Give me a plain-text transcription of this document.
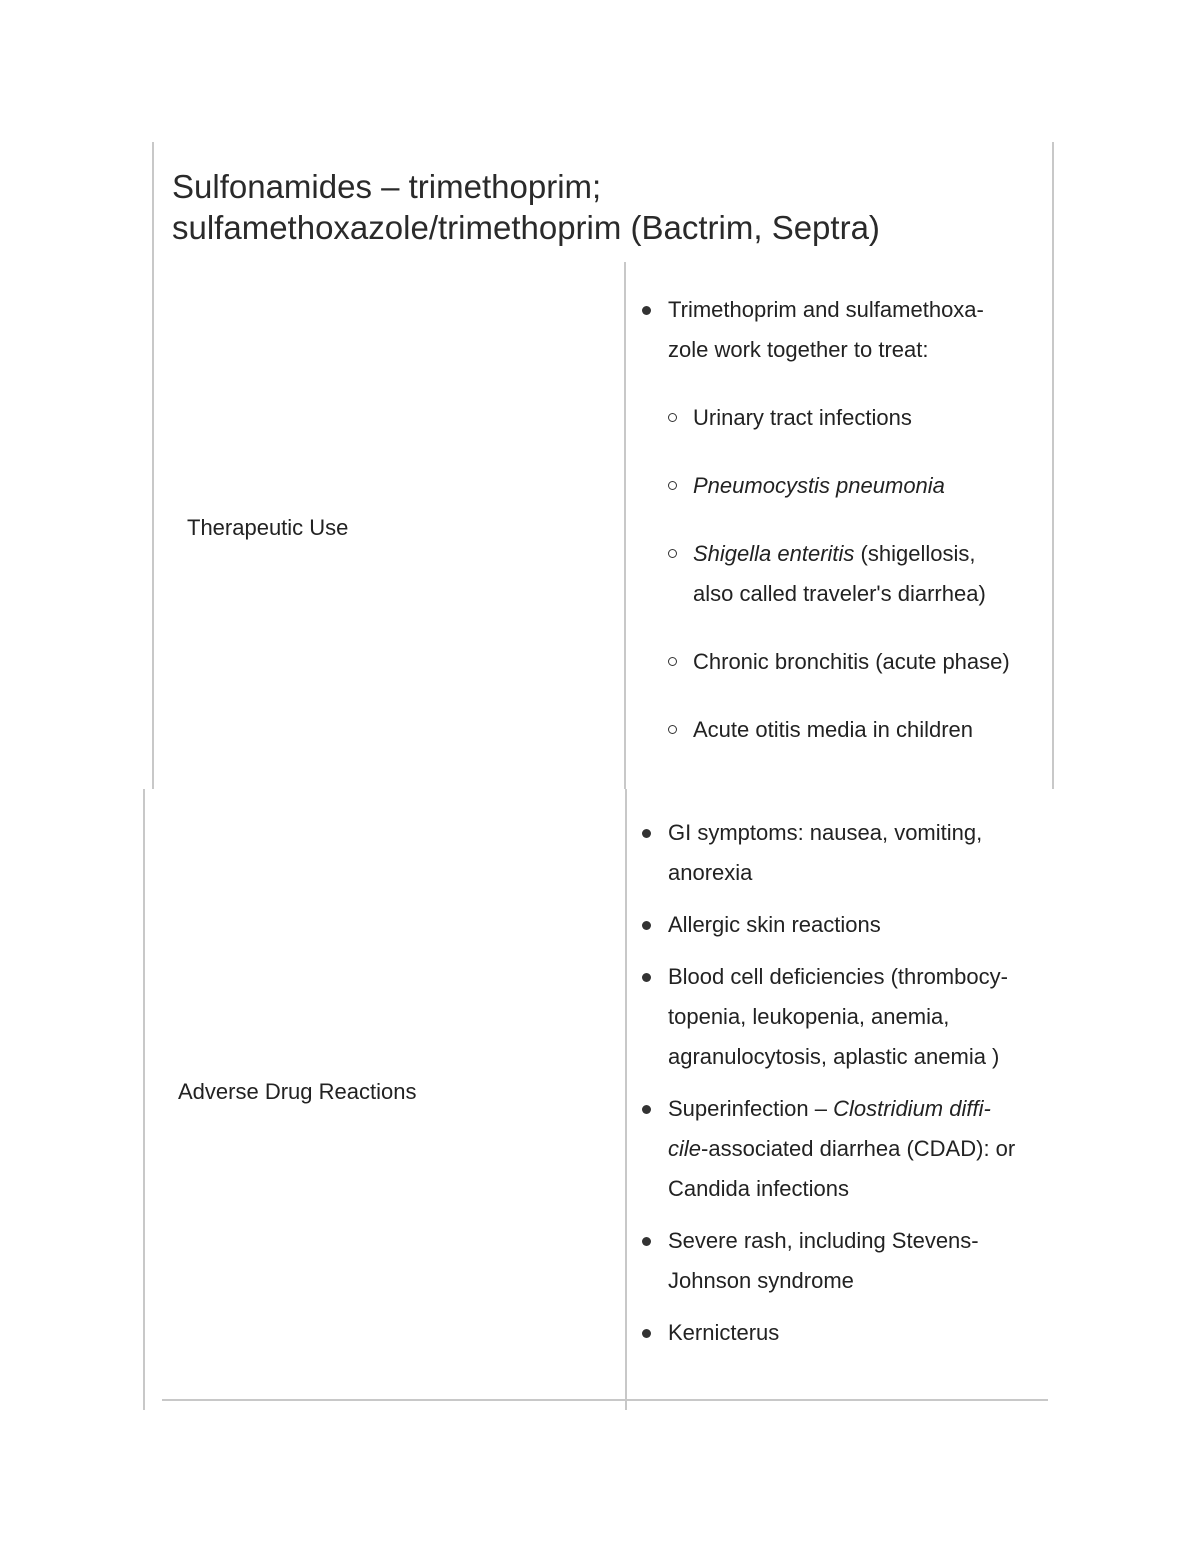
Sulfonamides – trimethoprim;
sulfamethoxazole/trimethoprim (Bactrim, Septra)
Therapeutic Use
Trimethoprim and sulfamethoxa- zole work together to treat:
Urinary tract infections
Pneumocystis pneumonia
Shigella enteritis (shigellosis, also called traveler's diarrhea)
Chronic bronchitis (acute phase)
Acute otitis media in children
Adverse Drug Reactions
GI symptoms: nausea, vomiting, anorexia
Allergic skin reactions
Blood cell deficiencies (thrombocy- topenia, leukopenia, anemia, agranulocytosis, aplastic anemia )
Superinfection – Clostridium diffi- cile-associated diarrhea (CDAD): or Candida infections
Severe rash, including Stevens- Johnson syndrome
Kernicterus
